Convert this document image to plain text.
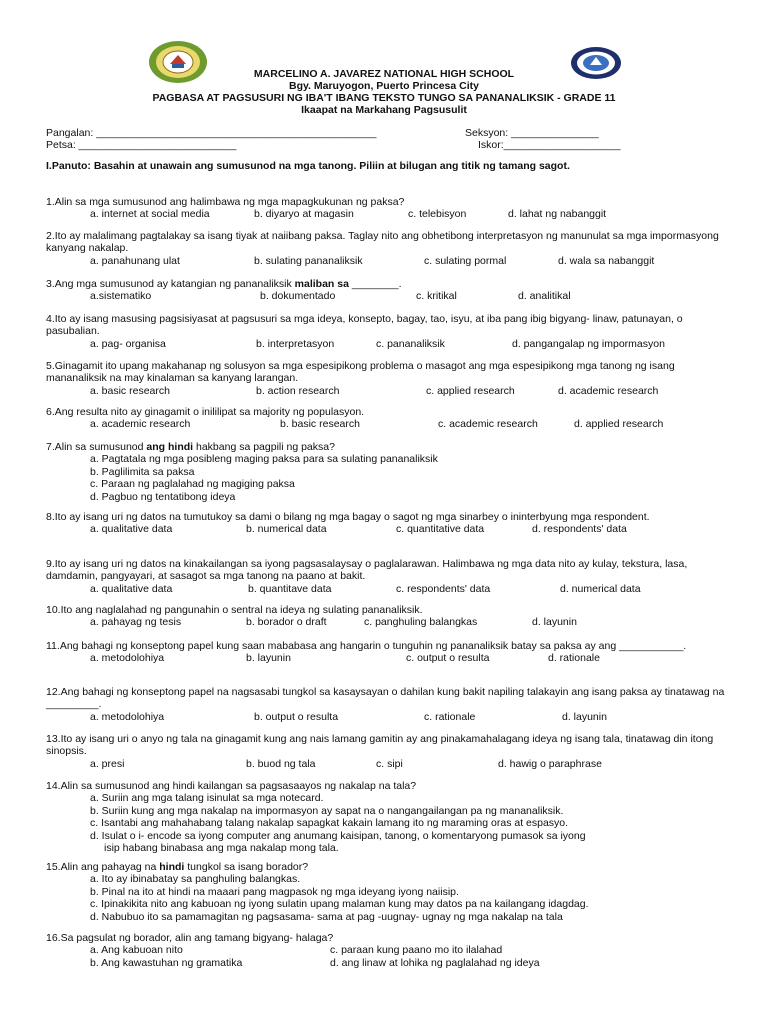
MARCELINO A. JAVAREZ NATIONAL HIGH SCHOOL
Bgy. Maruyogon, Puerto Princesa City
PAGBASA AT PAGSUSURI NG IBA'T IBANG TEKSTO TUNGO SA PANANALIKSIK - GRADE 11
Ikaapat na Markahang Pagsusulit
Pangalan: ________________________________________________	Seksyon: _______________
Petsa: ___________________________	Iskor:____________________
I.Panuto: Basahin at unawain ang sumusunod na mga tanong. Piliin at bilugan ang titik ng tamang sagot.
1.Alin sa mga sumusunod ang halimbawa ng mga mapagkukunan ng paksa?
a. internet at social media	b. diyaryo at magasin	c. telebisyon	d. lahat ng nabanggit
2.Ito ay malalimang pagtalakay sa isang tiyak at naiibang paksa. Taglay nito ang obhetibong interpretasyon ng manunulat sa mga impormasyong kanyang nakalap.
a. panahunang ulat	b. sulating pananaliksik	c. sulating pormal	d. wala sa nabanggit
3.Ang mga sumusunod ay katangian ng pananaliksik maliban sa ________.
a.sistematiko	b. dokumentado	c. kritikal	d. analitikal
4.Ito ay isang masusing pagsisiyasat at pagsusuri sa mga ideya, konsepto, bagay, tao, isyu, at iba pang ibig bigyang- linaw, patunayan, o pasubalian.
a. pag- organisa	b. interpretasyon	c. pananaliksik	d. pangangalap ng impormasyon
5.Ginagamit ito upang makahanap ng solusyon sa mga espesipikong problema o masagot ang mga espesipikong mga tanong ng isang mananaliksik na may kinalaman sa kanyang larangan.
a. basic research	b. action research	c. applied research	d. academic research
6.Ang resulta nito ay ginagamit o inililipat sa majority ng populasyon.
a. academic research	b. basic research	c. academic research	d. applied research
7.Alin sa sumusunod ang hindi hakbang sa pagpili ng paksa?
a. Pagtatala ng mga posibleng maging paksa para sa sulating pananaliksik
b. Paglilimita sa paksa
c. Paraan ng paglalahad ng magiging paksa
d. Pagbuo ng tentatibong ideya
8.Ito ay isang uri ng datos na tumutukoy sa dami o bilang ng mga bagay o sagot ng mga sinarbey o ininterbyung mga respondent.
a. qualitative data	b. numerical data	c. quantitative data	d. respondents' data
9.Ito ay isang uri ng datos na kinakailangan sa iyong pagsasalaysay o paglalarawan. Halimbawa ng mga data nito ay kulay, tekstura, lasa, damdamin, pangyayari, at sasagot sa mga tanong na paano at bakit.
a. qualitative data	b. quantitave data	c. respondents' data	d. numerical data
10.Ito ang naglalahad ng pangunahin o sentral na ideya ng sulating pananaliksik.
a. pahayag ng tesis	b. borador o draft	c. panghuling balangkas	d. layunin
11.Ang bahagi ng konseptong papel kung saan mababasa ang hangarin o tunguhin ng pananaliksik batay sa paksa ay ang ___________.
a. metodolohiya	b. layunin	c. output o resulta	d. rationale
12.Ang bahagi ng konseptong papel na nagsasabi tungkol sa kasaysayan o dahilan kung bakit napiling talakayin ang isang paksa ay tinatawag na _________.
a. metodolohiya	b. output o resulta	c. rationale	d. layunin
13.Ito ay isang uri o anyo ng tala na ginagamit kung ang nais lamang gamitin ay ang pinakamahalagang ideya ng isang tala, tinatawag din itong sinopsis.
a. presi	b. buod ng tala	c. sipi	d. hawig o paraphrase
14.Alin sa sumusunod ang hindi kailangan sa pagsasaayos ng nakalap na tala?
a. Suriin ang mga talang isinulat sa mga notecard.
b. Suriin kung ang mga nakalap na impormasyon ay sapat na o nangangailangan pa ng mananaliksik.
c. Isantabi ang mahahabang talang nakalap sapagkat kakain lamang ito ng maraming oras at espasyo.
d. Isulat o i- encode sa iyong computer ang anumang kaisipan, tanong, o komentaryong pumasok sa iyong
isip habang binabasa ang mga nakalap mong tala.
15.Alin ang pahayag na hindi tungkol sa isang borador?
a. Ito ay ibinabatay sa panghuling balangkas.
b. Pinal na ito at hindi na maaari pang magpasok ng mga ideyang iyong naiisip.
c. Ipinakikita nito ang kabuoan ng iyong sulatin upang malaman kung may datos pa na kailangang idagdag.
d. Nabubuo ito sa pamamagitan ng pagsasama- sama at pag -uugnay- ugnay ng mga nakalap na tala
16.Sa pagsulat ng borador, alin ang tamang bigyang- halaga?
a. Ang kabuoan nito	c. paraan kung paano mo ito ilalahad
b. Ang kawastuhan ng gramatika	d. ang linaw at lohika ng paglalahad ng ideya
